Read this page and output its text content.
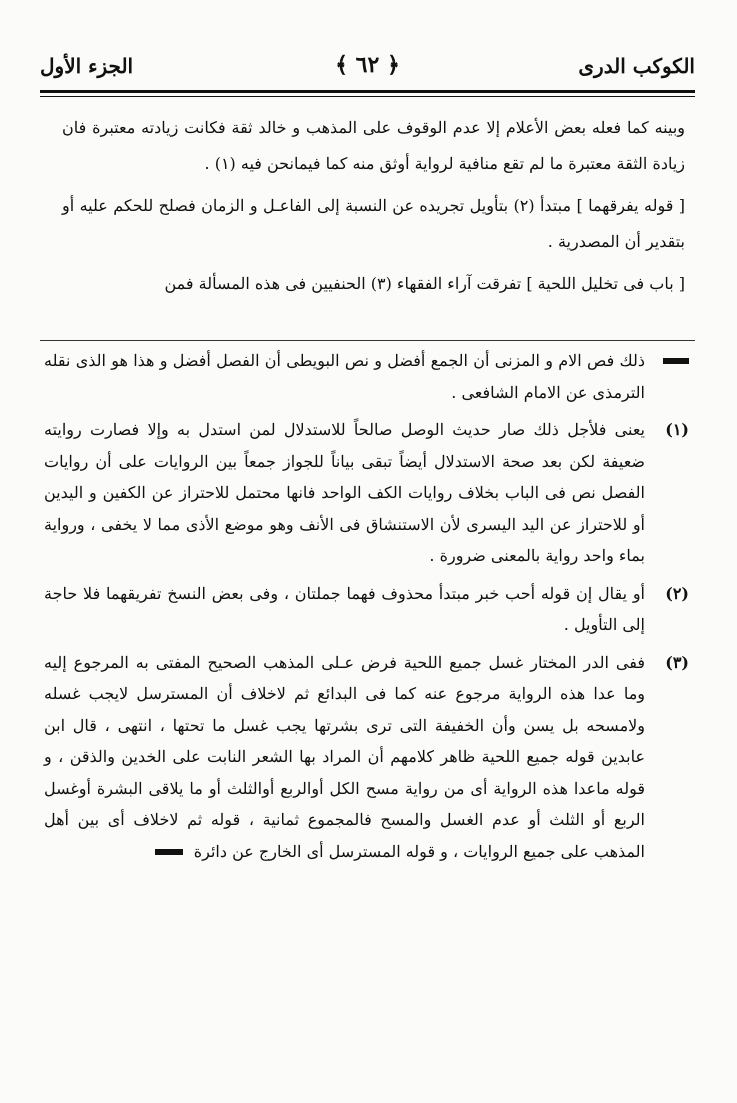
الكوكب الدرى
﴿ ٦٢ ﴾
الجزء الأول

وبينه كما فعله بعض الأعلام إلا عدم الوقوف على المذهب و خالد ثقة فكانت زيادته معتبرة فان زيادة الثقة معتبرة ما لم تقع منافية لرواية أوثق منه كما فيمانحن فيه (١) .

[ قوله يفرقهما ] مبتدأ (٢) بتأويل تجريده عن النسبة إلى الفاعـل و الزمان فصلح للحكم عليه أو بتقدير أن المصدرية .

[ باب فى تخليل اللحية ] تفرقت آراء الفقهاء (٣) الحنفيين فى هذه المسألة فمن

ذلك فص الام و المزنى أن الجمع أفضل و نص البويطى أن الفصل أفضل و هذا هو الذى نقله الترمذى عن الامام الشافعى .
(١)
يعنى فلأجل ذلك صار حديث الوصل صالحاً للاستدلال لمن استدل به وإلا فصارت روايته ضعيفة لكن بعد صحة الاستدلال أيضاً تبقى بياناً للجواز جمعاً بين الروايات على أن روايات الفصل نص فى الباب بخلاف روايات الكف الواحد فانها محتمل للاحتراز عن الكفين و اليدين أو للاحتراز عن اليد اليسرى لأن الاستنشاق فى الأنف وهو موضع الأذى مما لا يخفى ، ورواية بماء واحد رواية بالمعنى ضرورة .
(٢)
أو يقال إن قوله أحب خبر مبتدأ محذوف فهما جملتان ، وفى بعض النسخ تفريقهما فلا حاجة إلى التأويل .
(٣)
ففى الدر المختار غسل جميع اللحية فرض عـلى المذهب الصحيح المفتى به المرجوع إليه وما عدا هذه الرواية مرجوع عنه كما فى البدائع ثم لاخلاف أن المسترسل لايجب غسله ولامسحه بل يسن وأن الخفيفة التى ترى بشرتها يجب غسل ما تحتها ، انتهى ، قال ابن عابدين قوله جميع اللحية ظاهر كلامهم أن المراد بها الشعر النابت على الخدين والذقن ، و قوله ماعدا هذه الرواية أى من رواية مسح الكل أوالربع أوالثلث أو ما يلاقى البشرة أوغسل الربع أو الثلث أو عدم الغسل والمسح فالمجموع ثمانية ، قوله ثم لاخلاف أى بين أهل المذهب على جميع الروايات ، و قوله المسترسل أى الخارج عن دائرة
